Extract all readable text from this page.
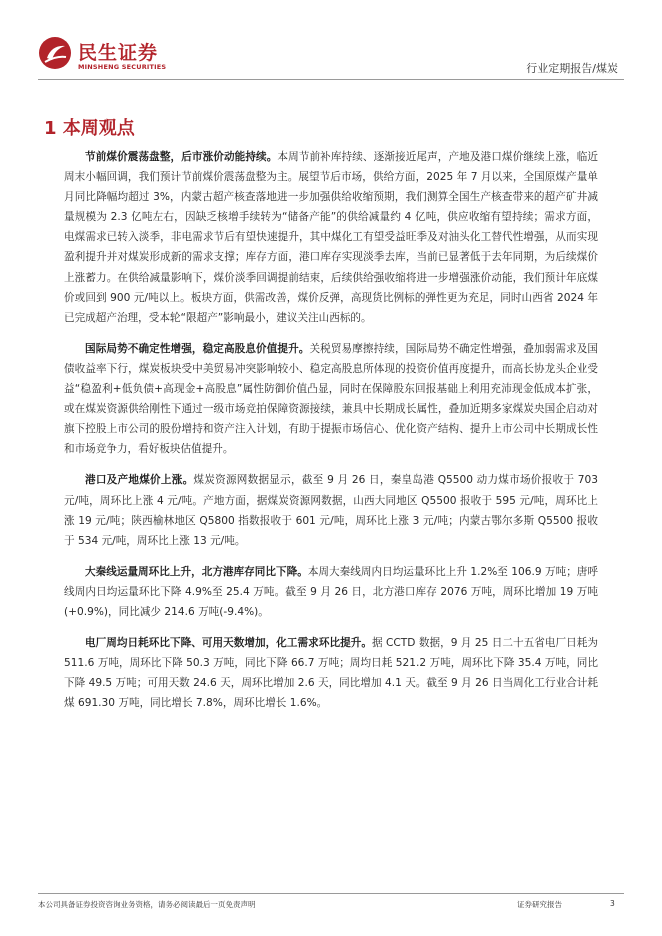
民生证券
MINSHENG SECURITIES	行业定期报告/煤炭
1 本周观点

节前煤价震荡盘整，后市涨价动能持续。本周节前补库持续、逐渐接近尾声，产地及港口煤价继续上涨，临近周末小幅回调，我们预计节前煤价震荡盘整为主。展望节后市场，供给方面，2025 年 7 月以来，全国原煤产量单月同比降幅均超过 3%，内蒙古超产核查落地进一步加强供给收缩预期，我们测算全国生产核查带来的超产矿井减量规模为 2.3 亿吨左右，因缺乏核增手续转为“储备产能”的供给减量约 4 亿吨，供应收缩有望持续；需求方面，电煤需求已转入淡季，非电需求节后有望快速提升，其中煤化工有望受益旺季及对油头化工替代性增强，从而实现盈利提升并对煤炭形成新的需求支撑；库存方面，港口库存实现淡季去库，当前已显著低于去年同期，为后续煤价上涨蓄力。在供给减量影响下，煤价淡季回调提前结束，后续供给强收缩将进一步增强涨价动能，我们预计年底煤价或回到 900 元/吨以上。板块方面，供需改善，煤价反弹，高现货比例标的弹性更为充足，同时山西省 2024 年已完成超产治理，受本轮“限超产”影响最小，建议关注山西标的。

国际局势不确定性增强，稳定高股息价值提升。关税贸易摩擦持续，国际局势不确定性增强，叠加弱需求及国债收益率下行，煤炭板块受中美贸易冲突影响较小、稳定高股息所体现的投资价值再度提升，而高长协龙头企业受益“稳盈利+低负债+高现金+高股息”属性防御价值凸显，同时在保障股东回报基础上利用充沛现金低成本扩张，或在煤炭资源供给刚性下通过一级市场竞拍保障资源接续，兼具中长期成长属性，叠加近期多家煤炭央国企启动对旗下控股上市公司的股份增持和资产注入计划，有助于提振市场信心、优化资产结构、提升上市公司中长期成长性和市场竞争力，看好板块估值提升。

港口及产地煤价上涨。煤炭资源网数据显示，截至 9 月 26 日，秦皇岛港 Q5500 动力煤市场价报收于 703 元/吨，周环比上涨 4 元/吨。产地方面，据煤炭资源网数据，山西大同地区 Q5500 报收于 595 元/吨，周环比上涨 19 元/吨；陕西榆林地区 Q5800 指数报收于 601 元/吨，周环比上涨 3 元/吨；内蒙古鄂尔多斯 Q5500 报收于 534 元/吨，周环比上涨 13 元/吨。

大秦线运量周环比上升，北方港库存同比下降。本周大秦线周内日均运量环比上升 1.2%至 106.9 万吨；唐呼线周内日均运量环比下降 4.9%至 25.4 万吨。截至 9 月 26 日，北方港口库存 2076 万吨，周环比增加 19 万吨(+0.9%)，同比减少 214.6 万吨(-9.4%)。

电厂周均日耗环比下降、可用天数增加，化工需求环比提升。据 CCTD 数据，9 月 25 日二十五省电厂日耗为 511.6 万吨，周环比下降 50.3 万吨，同比下降 66.7 万吨；周均日耗 521.2 万吨，周环比下降 35.4 万吨，同比下降 49.5 万吨；可用天数 24.6 天，周环比增加 2.6 天，同比增加 4.1 天。截至 9 月 26 日当周化工行业合计耗煤 691.30 万吨，同比增长 7.8%，周环比增长 1.6%。

本公司具备证券投资咨询业务资格，请务必阅读最后一页免责声明	证券研究报告	3
